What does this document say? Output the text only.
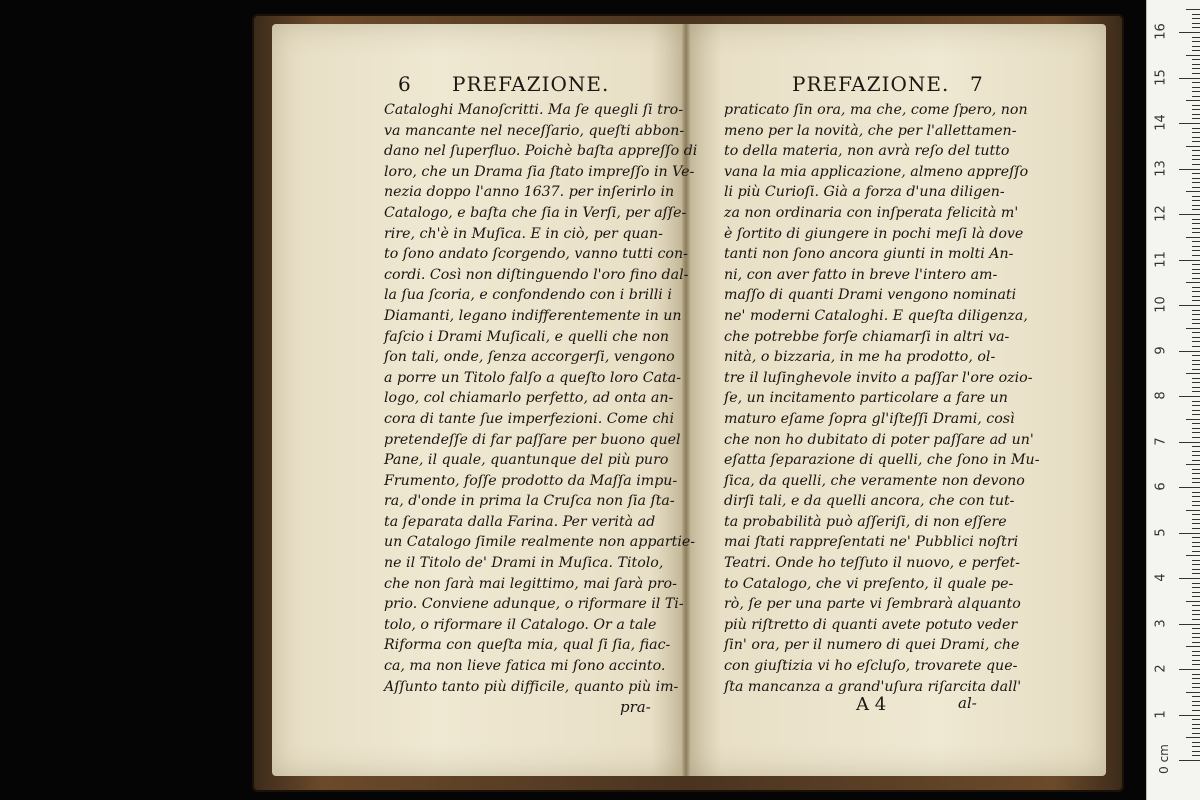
6 PREFAZIONE.	PREFAZIONE. 7
Cataloghi Manoſcritti. Ma ſe quegli ſi tro-
va mancante nel neceſſario, queſti abbon-
dano nel ſuperfluo. Poichè baſta appreſſo di
loro, che un Drama ſia ſtato impreſſo in Ve-
nezia doppo l'anno 1637. per inſerirlo in
Catalogo, e baſta che ſia in Verſi, per aſſe-
rire, ch'è in Muſica. E in ciò, per quan-
to ſono andato ſcorgendo, vanno tutti con-
cordi. Così non diſtinguendo l'oro fino dal-
la ſua ſcoria, e confondendo con i brilli i
Diamanti, legano indifferentemente in un
faſcio i Drami Muſicali, e quelli che non
ſon tali, onde, ſenza accorgerſi, vengono
a porre un Titolo falſo a queſto loro Cata-
logo, col chiamarlo perfetto, ad onta an-
cora di tante ſue imperfezioni. Come chi
pretendeſſe di far paſſare per buono quel
Pane, il quale, quantunque del più puro
Frumento, foſſe prodotto da Maſſa impu-
ra, d'onde in prima la Cruſca non ſia ſta-
ta ſeparata dalla Farina. Per verità ad
un Catalogo ſimile realmente non appartie-
ne il Titolo de' Drami in Muſica. Titolo,
che non ſarà mai legittimo, mai ſarà pro-
prio. Conviene adunque, o riformare il Ti-
tolo, o riformare il Catalogo. Or a tale
Riforma con queſta mia, qual ſi ſia, fiac-
ca, ma non lieve fatica mi ſono accinto.
Aſſunto tanto più difficile, quanto più im-
praticato ſin ora, ma che, come ſpero, non
meno per la novità, che per l'allettamen-
to della materia, non avrà reſo del tutto
vana la mia applicazione, almeno appreſſo
li più Curioſi. Già a forza d'una diligen-
za non ordinaria con inſperata felicità m'
è ſortito di giungere in pochi meſi là dove
tanti non ſono ancora giunti in molti An-
ni, con aver fatto in breve l'intero am-
maſſo di quanti Drami vengono nominati
ne' moderni Cataloghi. E queſta diligenza,
che potrebbe forſe chiamarſi in altri va-
nità, o bizzaria, in me ha prodotto, ol-
tre il luſinghevole invito a paſſar l'ore ozio-
ſe, un incitamento particolare a fare un
maturo eſame ſopra gl'iſteſſi Drami, così
che non ho dubitato di poter paſſare ad un'
eſatta ſeparazione di quelli, che ſono in Mu-
ſica, da quelli, che veramente non devono
dirſi tali, e da quelli ancora, che con tut-
ta probabilità può aſſeriſi, di non eſſere
mai ſtati rappreſentati ne' Pubblici noſtri
Teatri. Onde ho teſſuto il nuovo, e perfet-
to Catalogo, che vi preſento, il quale pe-
rò, ſe per una parte vi ſembrarà alquanto
più riſtretto di quanti avete potuto veder
ſin' ora, per il numero di quei Drami, che
con giuſtizia vi ho eſcluſo, trovarete que-
ſta mancanza a grand'uſura riſarcita dall'
pra-	A 4	al-
0 cm
1
2
3
4
5
6
7
8
9
10
11
12
13
14
15
16
